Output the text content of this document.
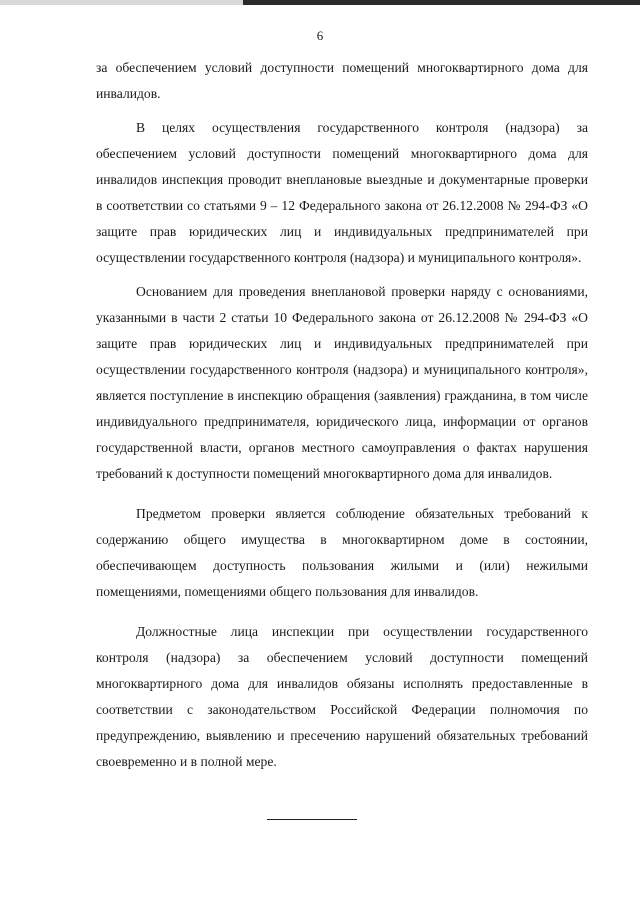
6

за обеспечением условий доступности помещений многоквартирного дома для инвалидов.

В целях осуществления государственного контроля (надзора) за обеспечением условий доступности помещений многоквартирного дома для инвалидов инспекция проводит внеплановые выездные и документарные проверки в соответствии со статьями 9 – 12 Федерального закона от 26.12.2008 № 294-ФЗ «О защите прав юридических лиц и индивидуальных предпринимателей при осуществлении государственного контроля (надзора) и муниципального контроля».

Основанием для проведения внеплановой проверки наряду с основаниями, указанными в части 2 статьи 10 Федерального закона от 26.12.2008 № 294-ФЗ «О защите прав юридических лиц и индивидуальных предпринимателей при осуществлении государственного контроля (надзора) и муниципального контроля», является поступление в инспекцию обращения (заявления) гражданина, в том числе индивидуального предпринимателя, юридического лица, информации от органов государственной власти, органов местного самоуправления о фактах нарушения требований к доступности помещений многоквартирного дома для инвалидов.

Предметом проверки является соблюдение обязательных требований к содержанию общего имущества в многоквартирном доме в состоянии, обеспечивающем доступность пользования жилыми и (или) нежилыми помещениями, помещениями общего пользования для инвалидов.

Должностные лица инспекции при осуществлении государственного контроля (надзора) за обеспечением условий доступности помещений многоквартирного дома для инвалидов обязаны исполнять предоставленные в соответствии с законодательством Российской Федерации полномочия по предупреждению, выявлению и пресечению нарушений обязательных требований своевременно и в полной мере.
